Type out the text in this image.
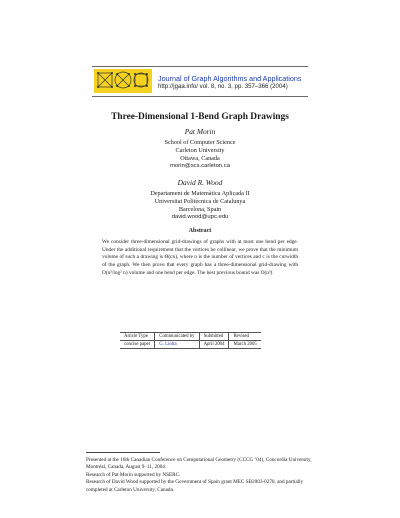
Journal of Graph Algorithms and Applications
http://jgaa.info/ vol. 8, no. 3, pp. 357–366 (2004)
Three-Dimensional 1-Bend Graph Drawings
Pat Morin
School of Computer Science
Carleton University
Ottawa, Canada
morin@scs.carleton.ca
David R. Wood
Departament de Matemàtica Aplicada II
Universitat Politècnica de Catalunya
Barcelona, Spain
david.wood@upc.edu
Abstract
We consider three-dimensional grid-drawings of graphs with at most one bend per edge. Under the additional requirement that the vertices be collinear, we prove that the minimum volume of such a drawing is Θ(cn), where n is the number of vertices and c is the cutwidth of the graph. We then prove that every graph has a three-dimensional grid-drawing with O(n³/log² n) volume and one bend per edge. The best previous bound was O(n³).
Article Type	Communicated by	Submitted	Revised
concise paper	G. Liotta	April 2004	March 2005

Presented at the 16th Canadian Conference on Computational Geometry (CCCG ’04), Concordia University, Montréal, Canada, August 9–11, 2004.

Research of Pat Morin supported by NSERC.

Research of David Wood supported by the Government of Spain grant MEC SB2003-0270, and partially completed at Carleton University, Canada.
